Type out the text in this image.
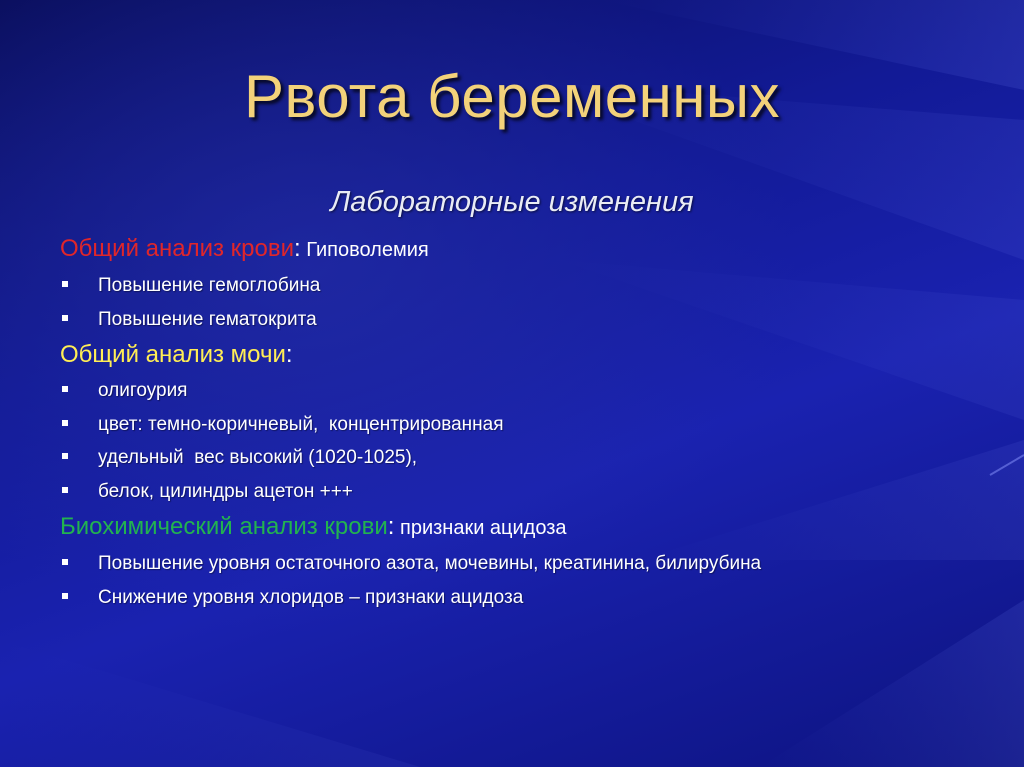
Рвота беременных
Лабораторные изменения

Общий анализ крови: Гиповолемия

Повышение гемоглобина
Повышение гематокрита

Общий анализ мочи:

олигоурия
цвет: темно-коричневый,  концентрированная
удельный  вес высокий (1020-1025),
белок, цилиндры ацетон +++

Биохимический анализ крови: признаки ацидоза

Повышение уровня остаточного азота, мочевины, креатинина, билирубина
Снижение уровня хлоридов – признаки ацидоза
